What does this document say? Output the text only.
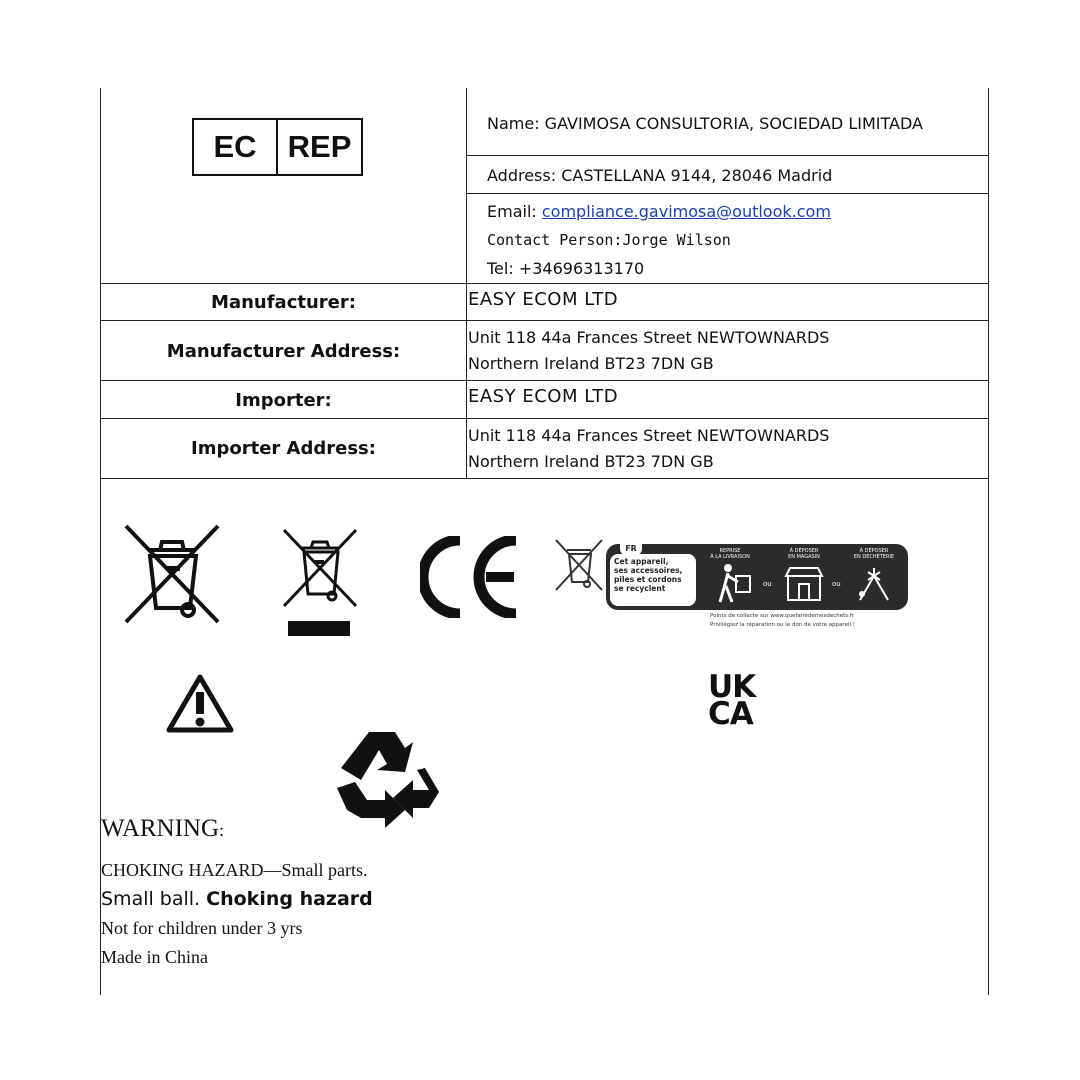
EC	REP
Name: GAVIMOSA CONSULTORIA, SOCIEDAD LIMITADA
Address: CASTELLANA 9144, 28046 Madrid
Email: compliance.gavimosa@outlook.com
Contact Person:Jorge Wilson
Tel: +34696313170
Manufacturer:	EASY ECOM LTD
Manufacturer Address:
Unit 118 44a Frances Street NEWTOWNARDS
Northern Ireland BT23 7DN GB
Importer:	EASY ECOM LTD
Importer Address:
Unit 118 44a Frances Street NEWTOWNARDS
Northern Ireland BT23 7DN GB
FR
Cet appareil,
ses accessoires,
piles et cordons
se recyclent
REPRISE
À LA LIVRAISON
À DÉPOSER
EN MAGASIN
À DÉPOSER
EN DÉCHÈTERIE
ou	ou
Points de collecte sur www.quefairedemesdechets.fr
Privilégiez la réparation ou le don de votre appareil !
UK
CA
WARNING:
CHOKING HAZARD—Small parts.
Small ball. Choking hazard
Not for children under 3 yrs
Made in China
